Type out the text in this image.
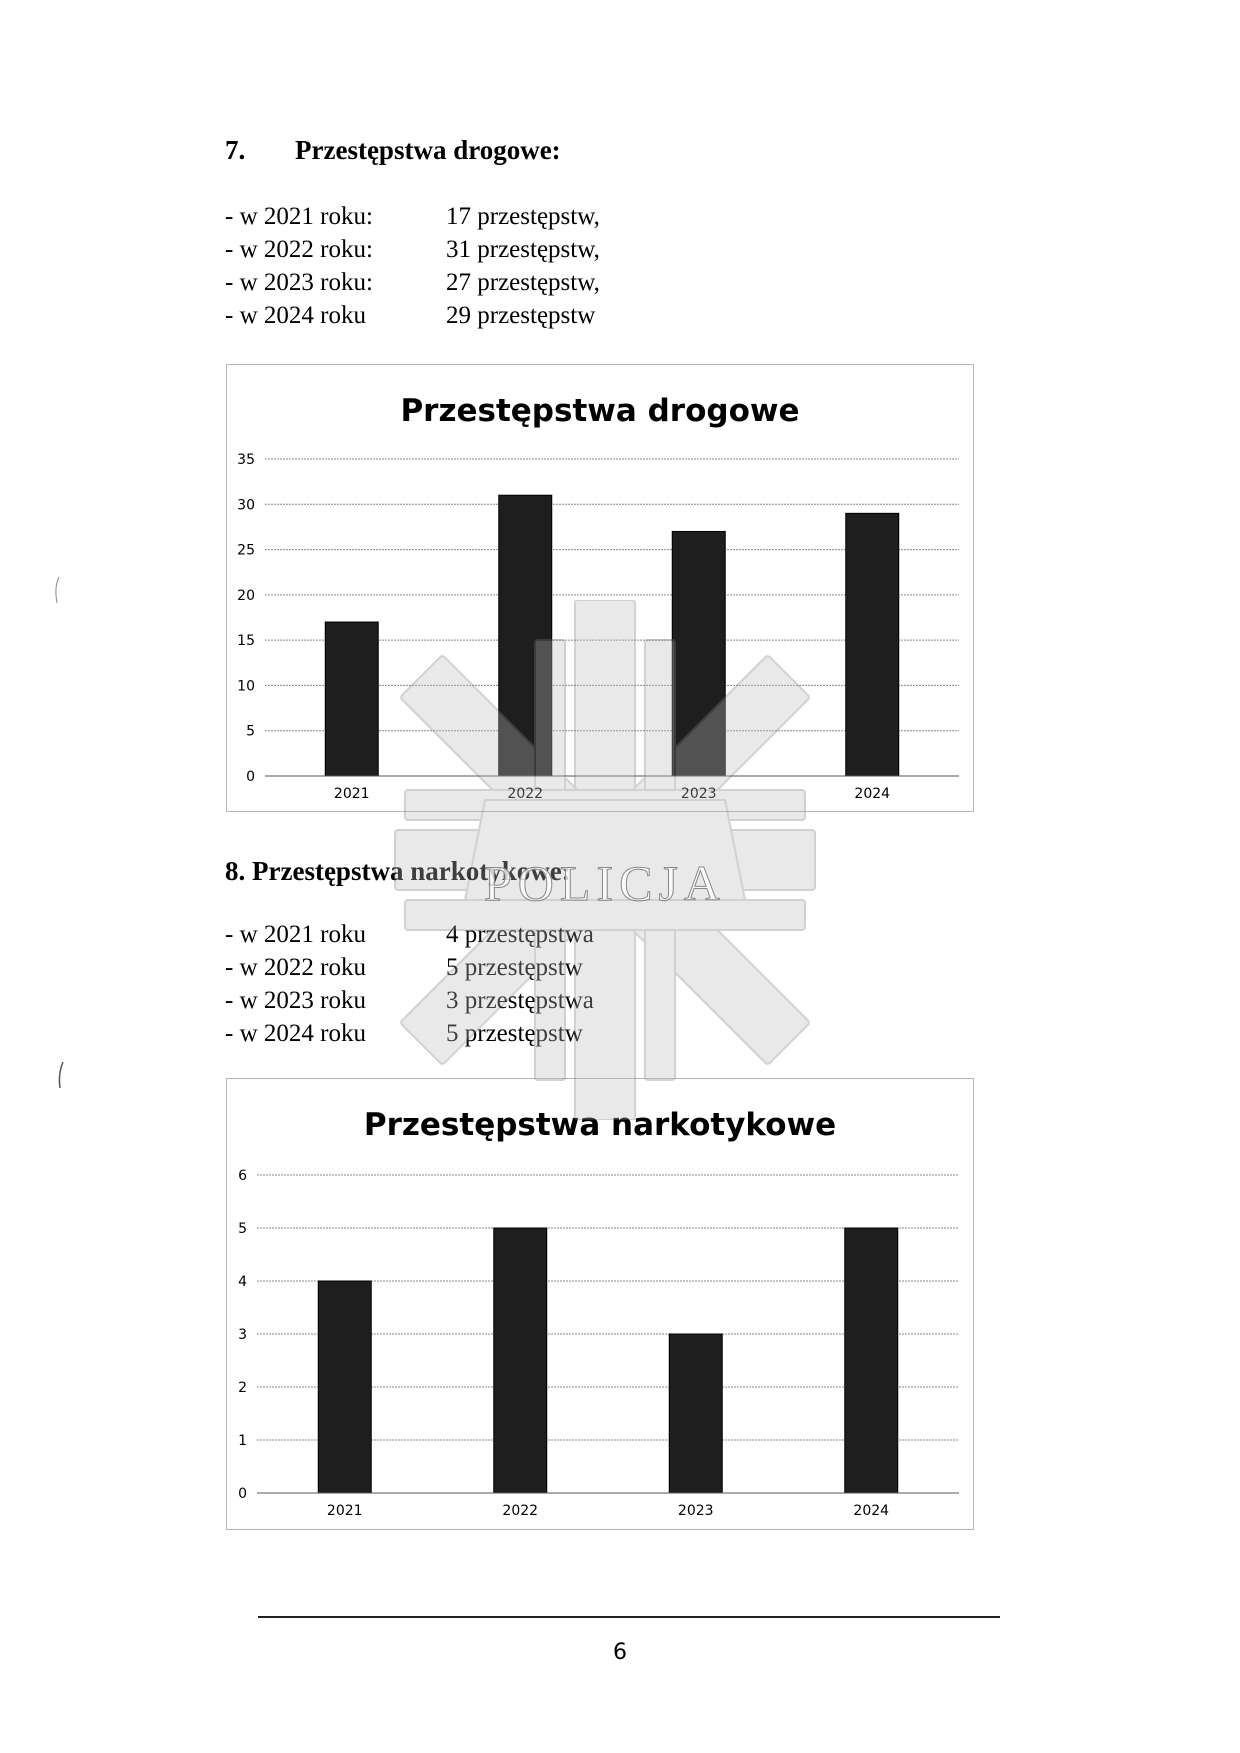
7. Przestępstwa drogowe:
- w 2021 roku:	17 przestępstw,
- w 2022 roku:	31 przestępstw,
- w 2023 roku:	27 przestępstw,
- w 2024 roku	29 przestępstw
Przestępstwa drogowe
0
5
10
15
20
25
30
35
2021	2022	2023	2024
8. Przestępstwa narkotykowe:
- w 2021 roku	4 przestępstwa
- w 2022 roku	5 przestępstw
- w 2023 roku	3 przestępstwa
- w 2024 roku	5 przestępstw
Przestępstwa narkotykowe
0
1
2
3
4
5
6
2021	2022	2023	2024
POLICJA
6
